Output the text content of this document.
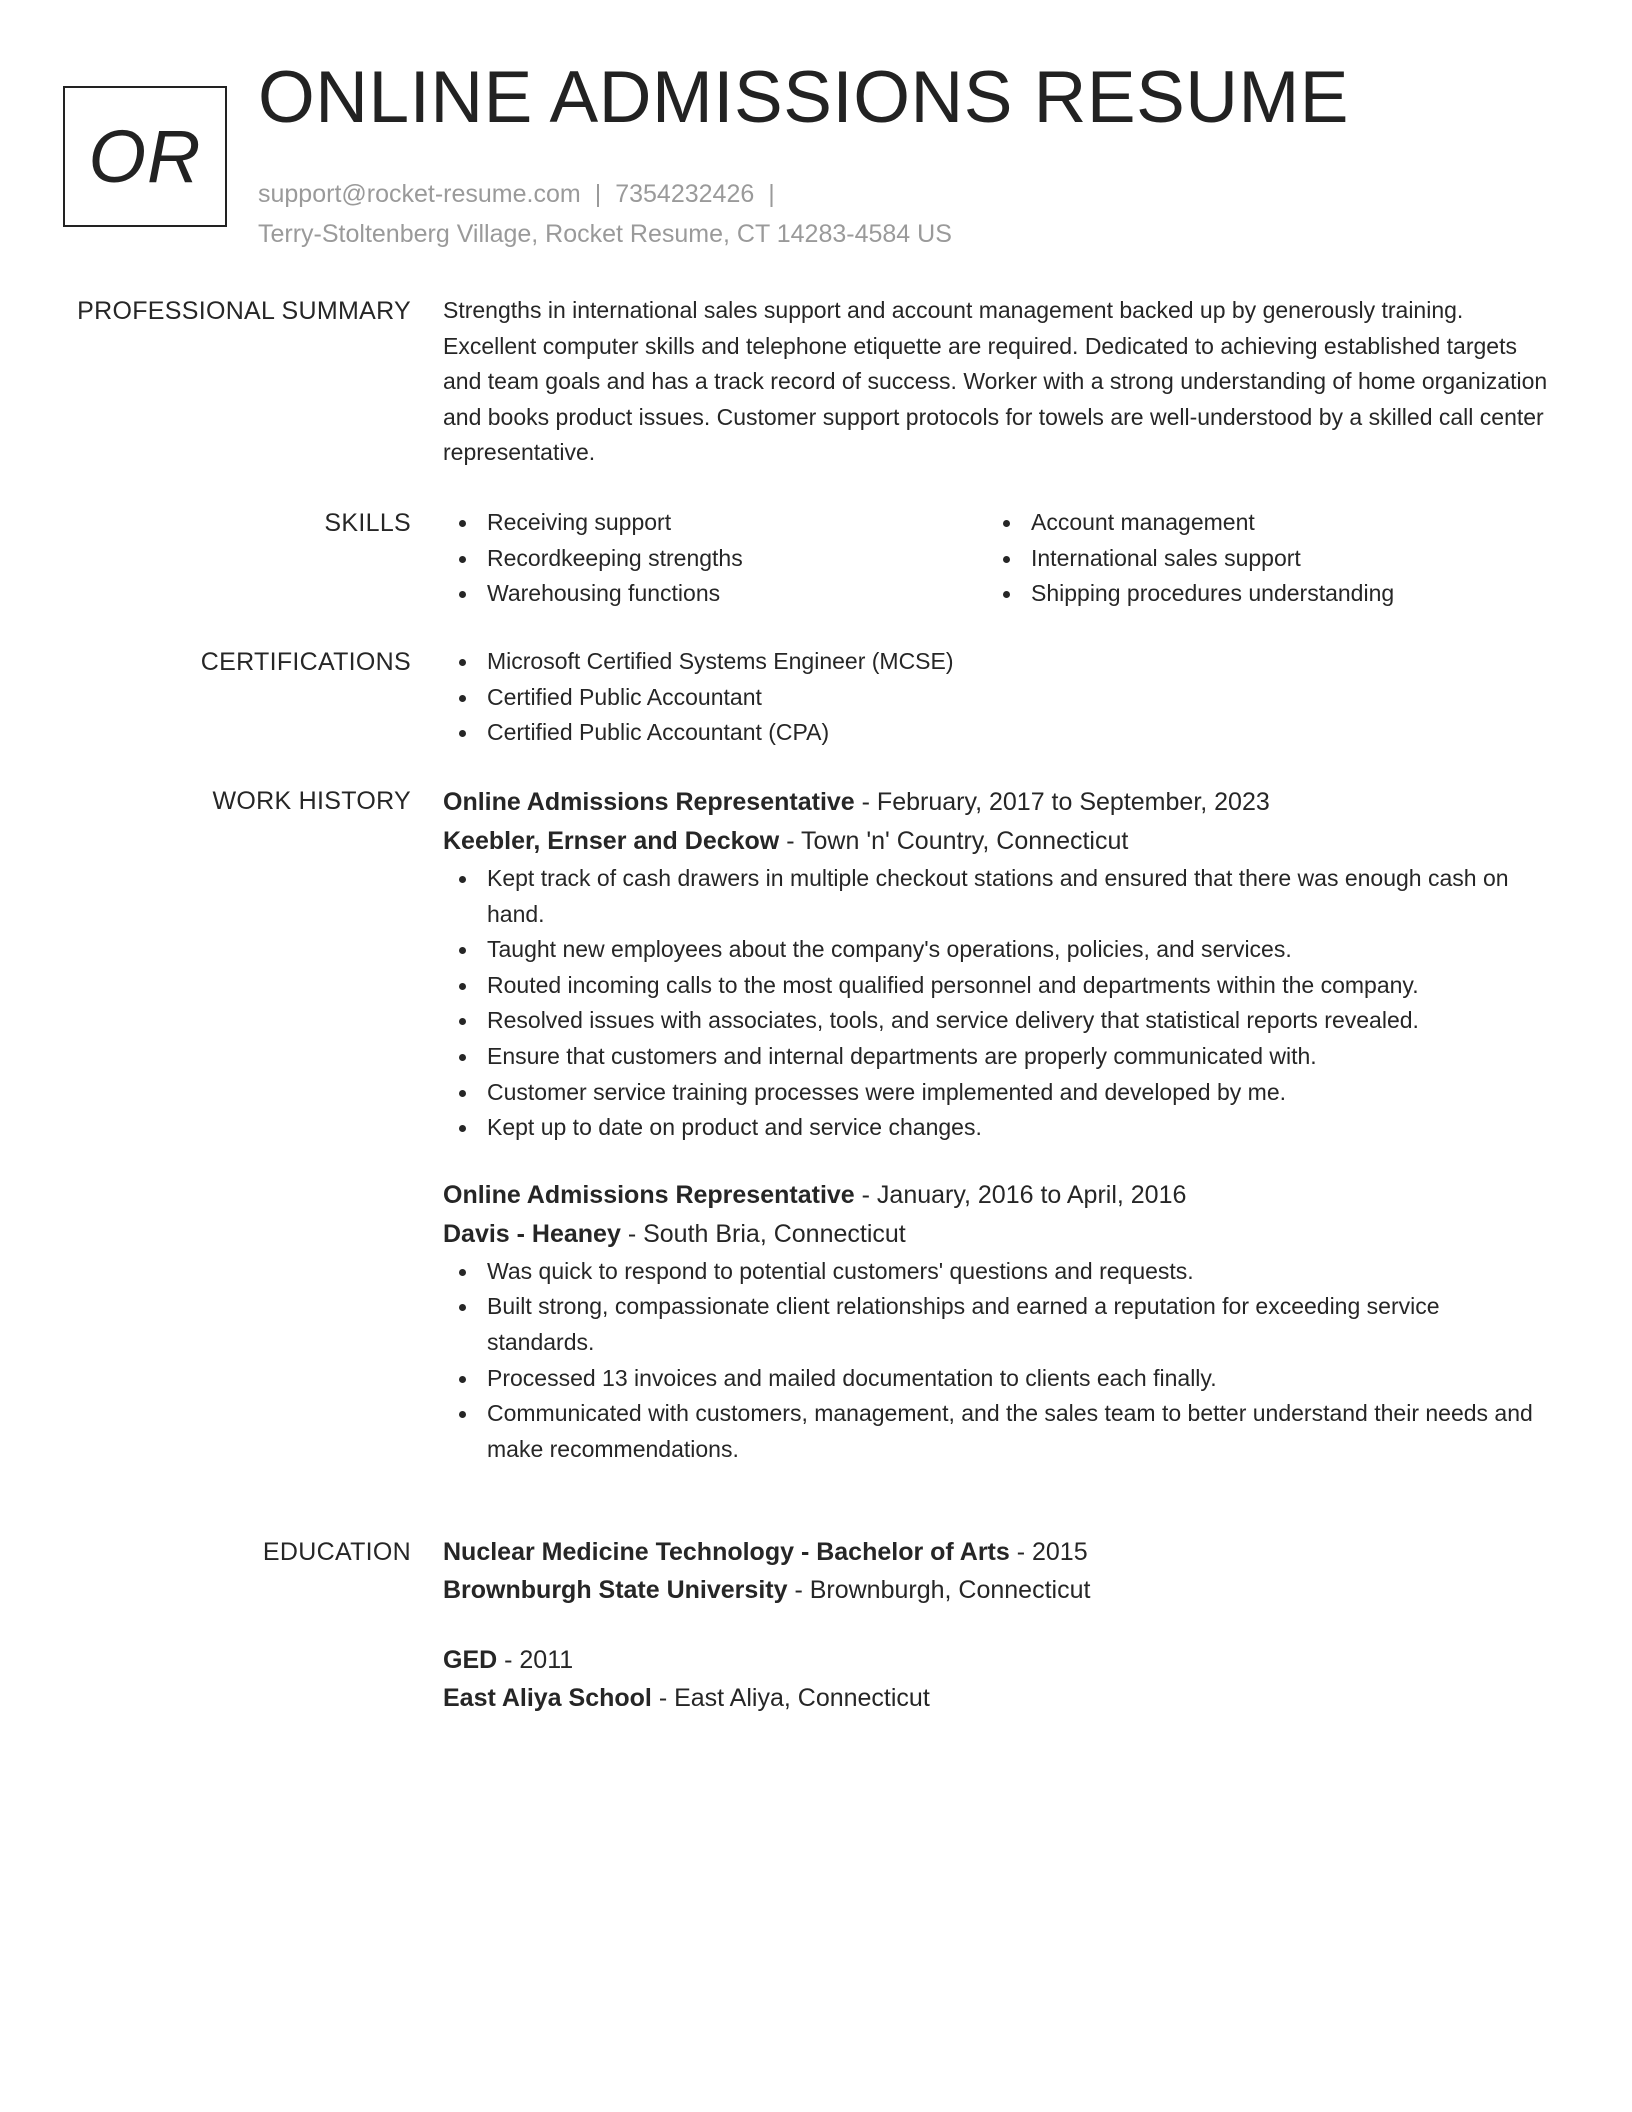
OR
ONLINE ADMISSIONS RESUME
support@rocket-resume.com | 7354232426 |
Terry-Stoltenberg Village, Rocket Resume, CT 14283-4584 US
PROFESSIONAL SUMMARY Strengths in international sales support and account management backed up by generously training. Excellent computer skills and telephone etiquette are required. Dedicated to achieving established targets and team goals and has a track record of success. Worker with a strong understanding of home organization and books product issues. Customer support protocols for towels are well-understood by a skilled call center representative.

SKILLS	Receiving support
Recordkeeping strengths
Warehousing functions
Account management
International sales support
Shipping procedures understanding
CERTIFICATIONS	Microsoft Certified Systems Engineer (MCSE)
Certified Public Accountant
Certified Public Accountant (CPA)
WORK HISTORY Online Admissions Representative - February, 2017 to September, 2023
Keebler, Ernser and Deckow - Town 'n' Country, Connecticut
Kept track of cash drawers in multiple checkout stations and ensured that there was enough cash on hand.
Taught new employees about the company's operations, policies, and services.
Routed incoming calls to the most qualified personnel and departments within the company.
Resolved issues with associates, tools, and service delivery that statistical reports revealed.
Ensure that customers and internal departments are properly communicated with.
Customer service training processes were implemented and developed by me.
Kept up to date on product and service changes.
Online Admissions Representative - January, 2016 to April, 2016
Davis - Heaney - South Bria, Connecticut
Was quick to respond to potential customers' questions and requests.
Built strong, compassionate client relationships and earned a reputation for exceeding service standards.
Processed 13 invoices and mailed documentation to clients each finally.
Communicated with customers, management, and the sales team to better understand their needs and make recommendations.
EDUCATION Nuclear Medicine Technology - Bachelor of Arts - 2015
Brownburgh State University - Brownburgh, Connecticut
GED - 2011
East Aliya School - East Aliya, Connecticut
